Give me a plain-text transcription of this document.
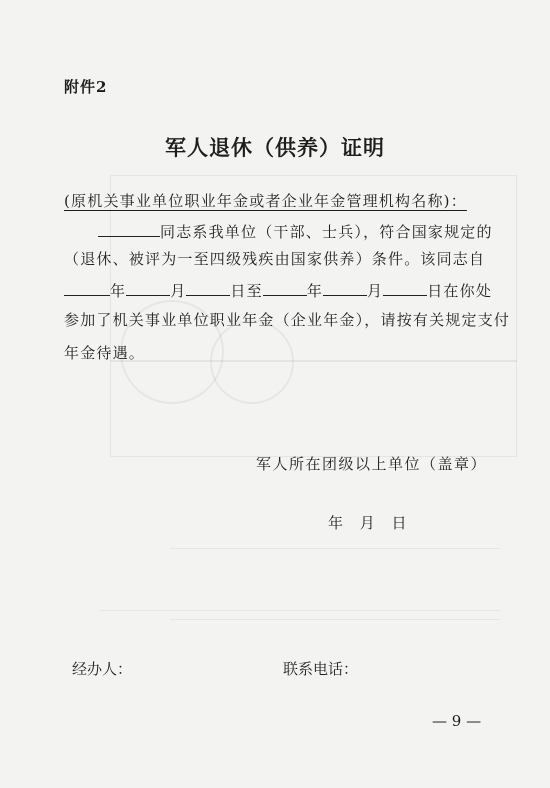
附件2
军人退休（供养）证明
(原机关事业单位职业年金或者企业年金管理机构名称)：
同志系我单位（干部、士兵），符合国家规定的
（退休、被评为一至四级残疾由国家供养）条件。该同志自
年	月	日至	年	月	日在你处
参加了机关事业单位职业年金（企业年金），请按有关规定支付
年金待遇。
军人所在团级以上单位（盖章）
年 月 日
经办人：	联系电话：
— 9 —
